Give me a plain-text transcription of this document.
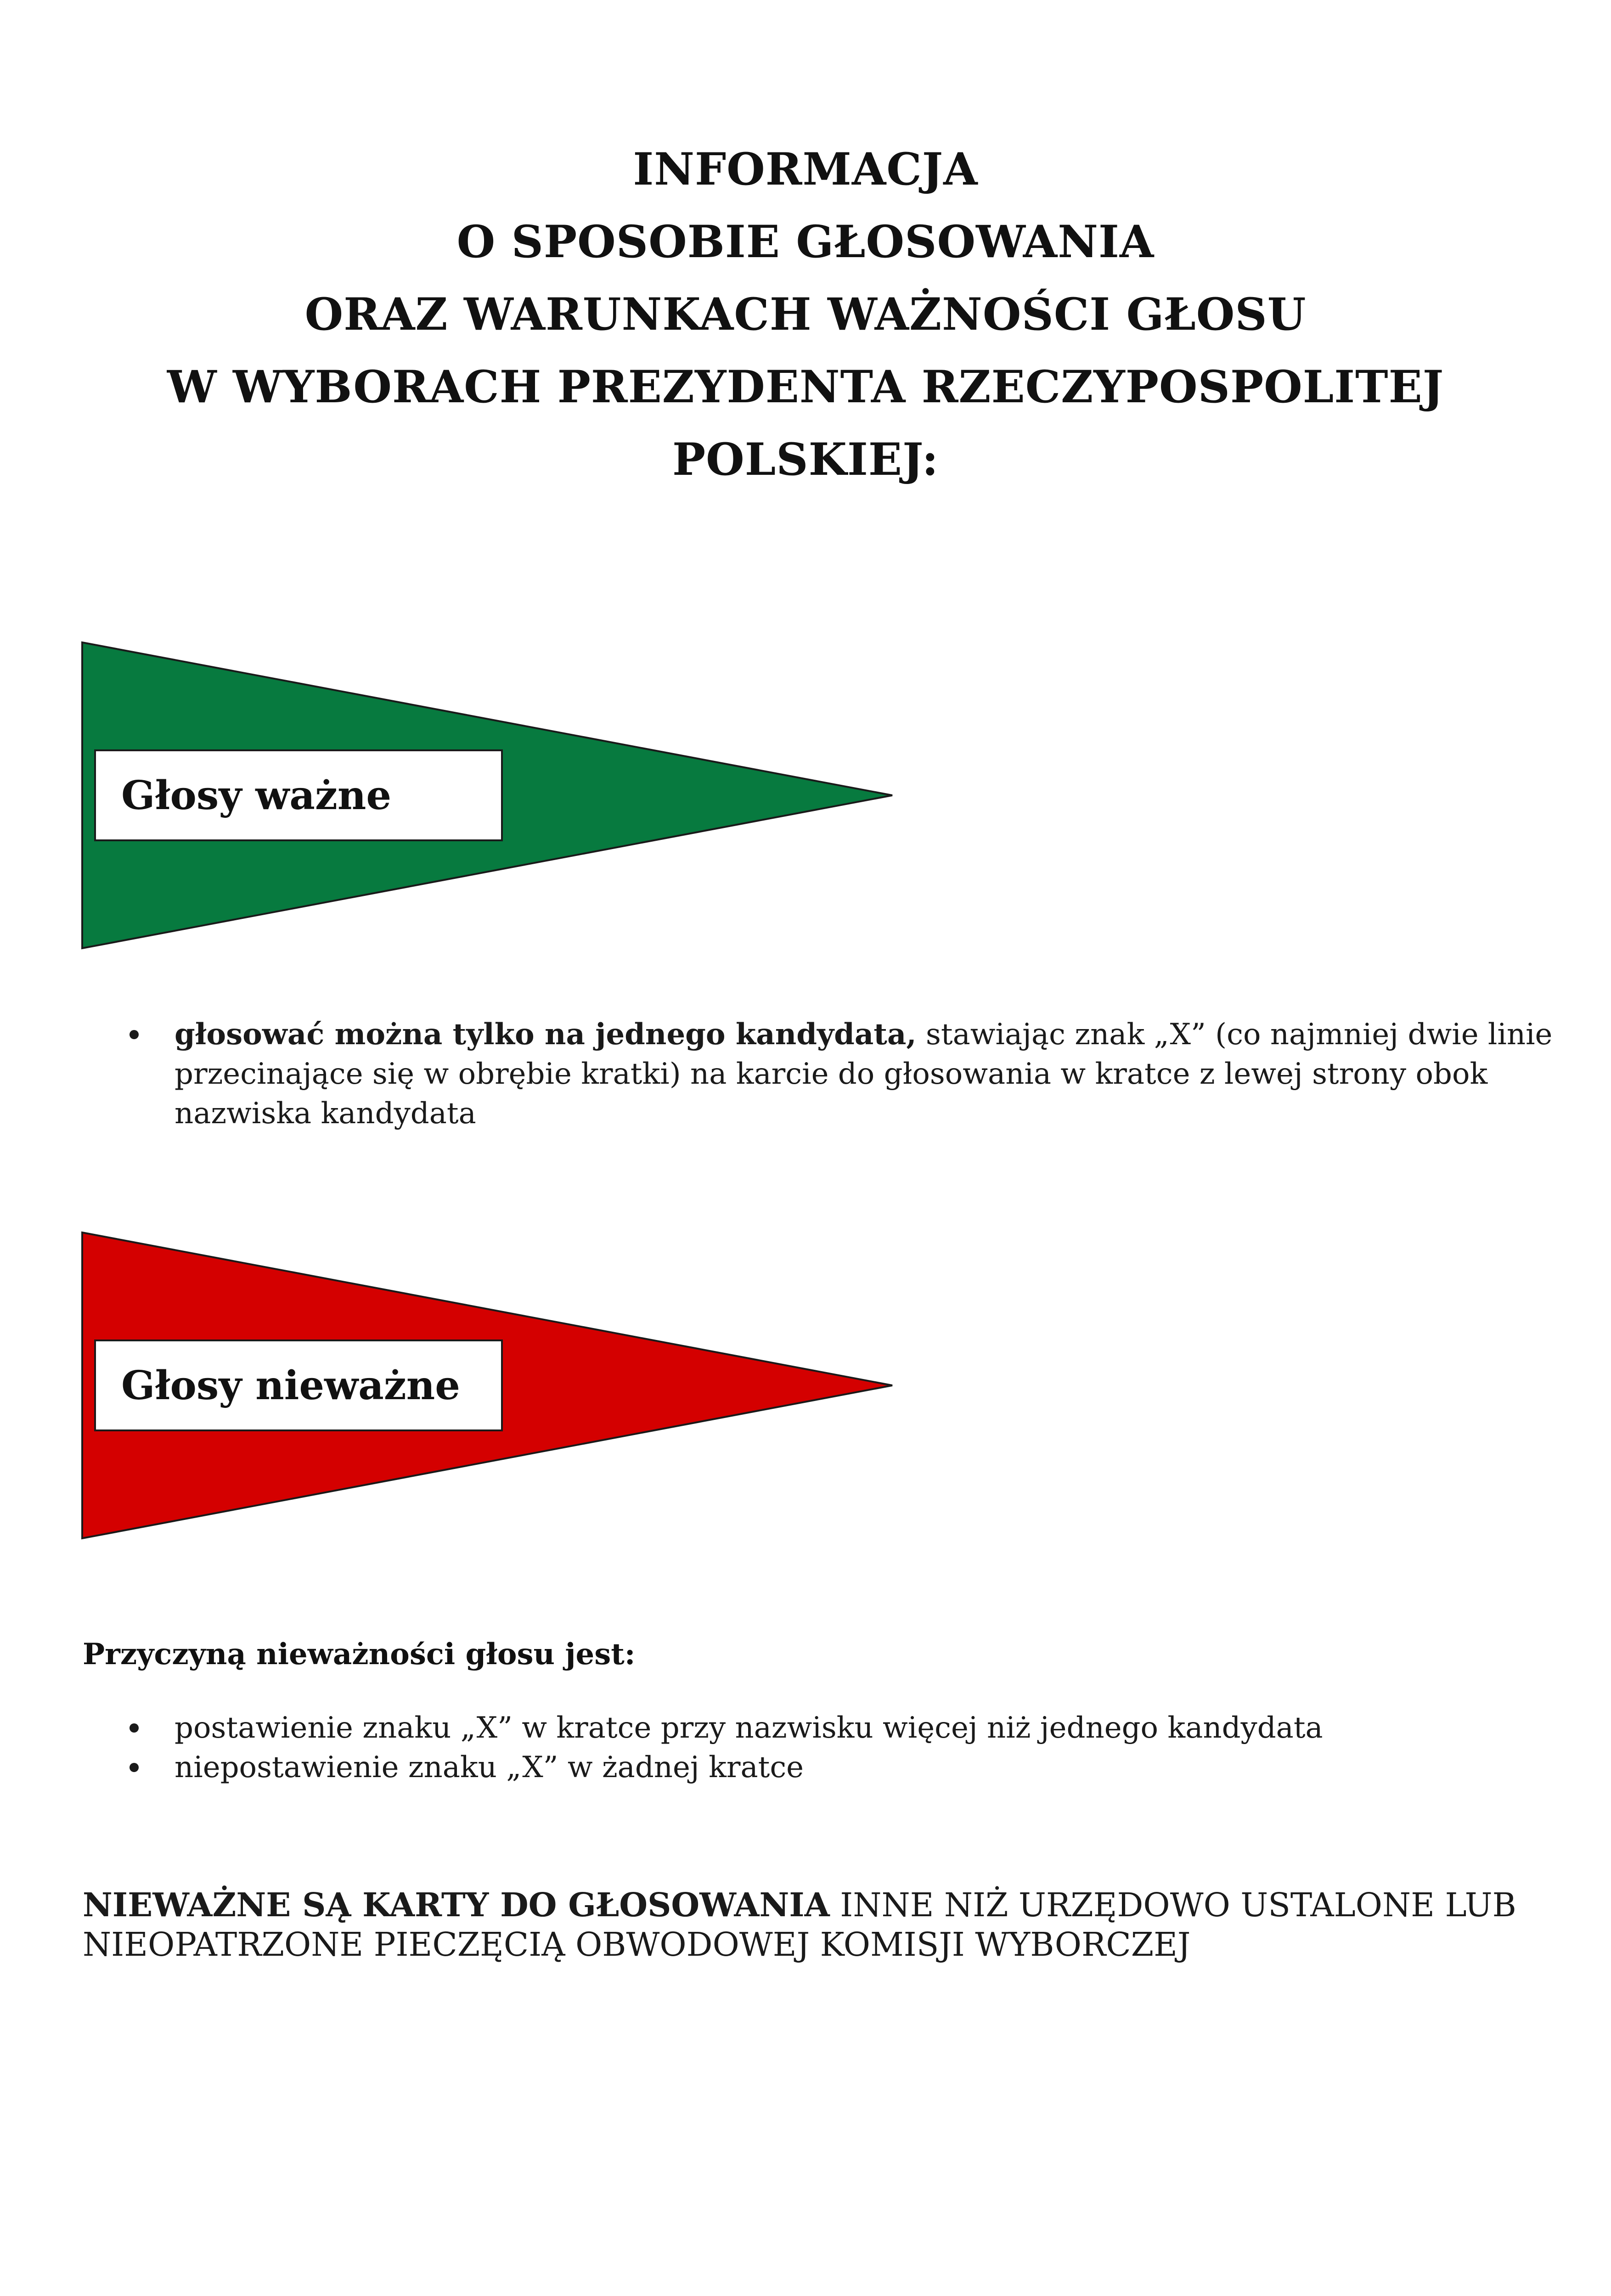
INFORMACJA
O SPOSOBIE GŁOSOWANIA
ORAZ WARUNKACH WAŻNOŚCI GŁOSU
W WYBORACH PREZYDENTA RZECZYPOSPOLITEJ
POLSKIEJ:
Głosy ważne
głosować można tylko na jednego kandydata, stawiając znak „X” (co najmniej dwie linie przecinające się w obrębie kratki) na karcie do głosowania w kratce z lewej strony obok nazwiska kandydata
Głosy nieważne
Przyczyną nieważności głosu jest:
postawienie znaku „X” w kratce przy nazwisku więcej niż jednego kandydata
niepostawienie znaku „X” w żadnej kratce
NIEWAŻNE SĄ KARTY DO GŁOSOWANIA INNE NIŻ URZĘDOWO USTALONE LUB NIEOPATRZONE PIECZĘCIĄ OBWODOWEJ KOMISJI WYBORCZEJ
